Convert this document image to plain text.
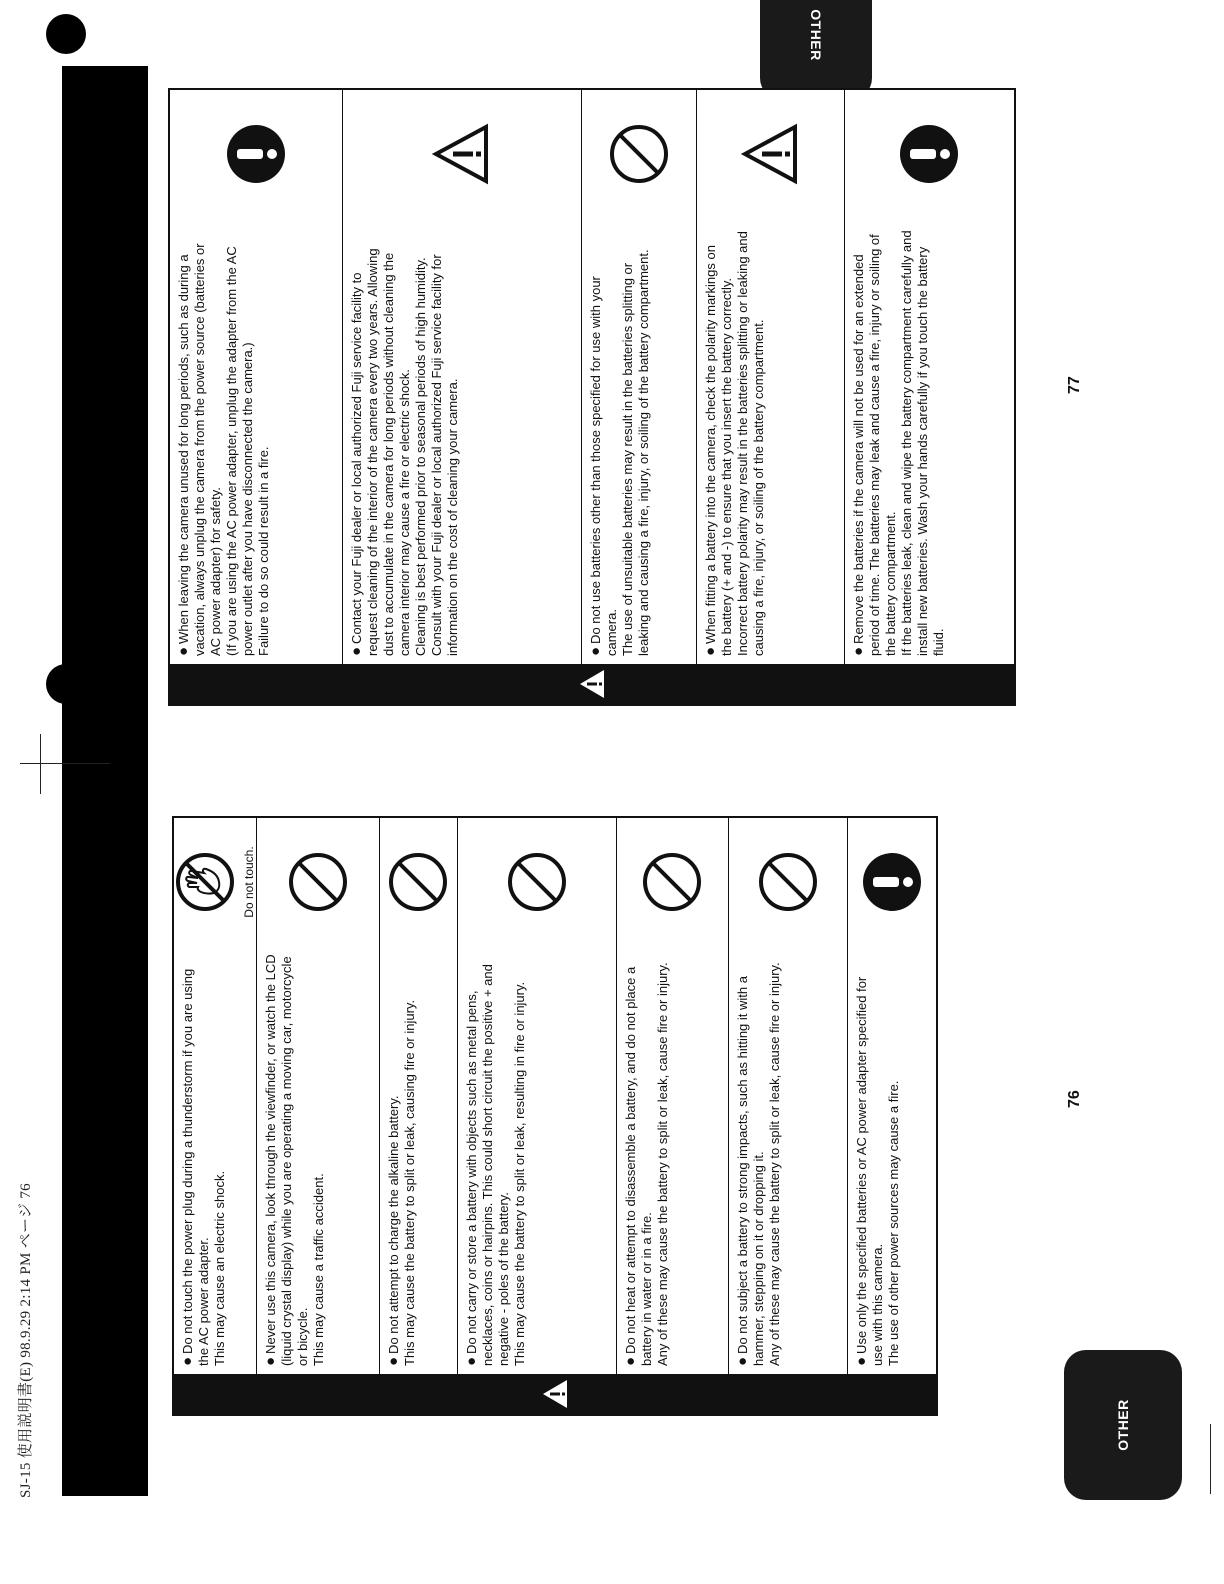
SJ-15 使用説明書(E) 98.9.29 2:14 PM ページ 76	OTHER
OTHER
●Do not touch the power plug during a thunderstorm if you are using the AC power adapter. This may cause an electric shock.
Do not touch.
●Never use this camera, look through the viewfinder, or watch the LCD (liquid crystal display) while you are operating a moving car, motorcycle or bicycle. This may cause a traffic accident.	●Do not attempt to charge the alkaline battery. This may cause the battery to split or leak, causing fire or injury.	●Do not carry or store a battery with objects such as metal pens, necklaces, coins or hairpins. This could short circuit the positive + and negative - poles of the battery. This may cause the battery to split or leak, resulting in fire or injury.	●Do not heat or attempt to disassemble a battery, and do not place a battery in water or in a fire. Any of these may cause the battery to split or leak, cause fire or injury.	●Do not subject a battery to strong impacts, such as hitting it with a hammer, stepping on it or dropping it. Any of these may cause the battery to split or leak, cause fire or injury.	●Use only the specified batteries or AC power adapter specified for use with this camera. The use of other power sources may cause a fire.	76
●When leaving the camera unused for long periods, such as during a vacation, always unplug the camera from the power source (batteries or AC power adapter) for safety. (If you are using the AC power adapter, unplug the adapter from the AC power outlet after you have disconnected the camera.) Failure to do so could result in a fire.	●Contact your Fuji dealer or local authorized Fuji service facility to request cleaning of the interior of the camera every two years. Allowing dust to accumulate in the camera for long periods without cleaning the camera interior may cause a fire or electric shock. Cleaning is best performed prior to seasonal periods of high humidity. Consult with your Fuji dealer or local authorized Fuji service facility for information on the cost of cleaning your camera.	●Do not use batteries other than those specified for use with your camera. The use of unsuitable batteries may result in the batteries splitting or leaking and causing a fire, injury, or soiling of the battery compartment.	●When fitting a battery into the camera, check the polarity markings on the battery (+ and -) to ensure that you insert the battery correctly. Incorrect battery polarity may result in the batteries splitting or leaking and causing a fire, injury, or soiling of the battery compartment.	●Remove the batteries if the camera will not be used for an extended period of time. The batteries may leak and cause a fire, injury or soiling of the battery compartment. If the batteries leak, clean and wipe the battery compartment carefully and install new batteries. Wash your hands carefully if you touch the battery fluid.
77
